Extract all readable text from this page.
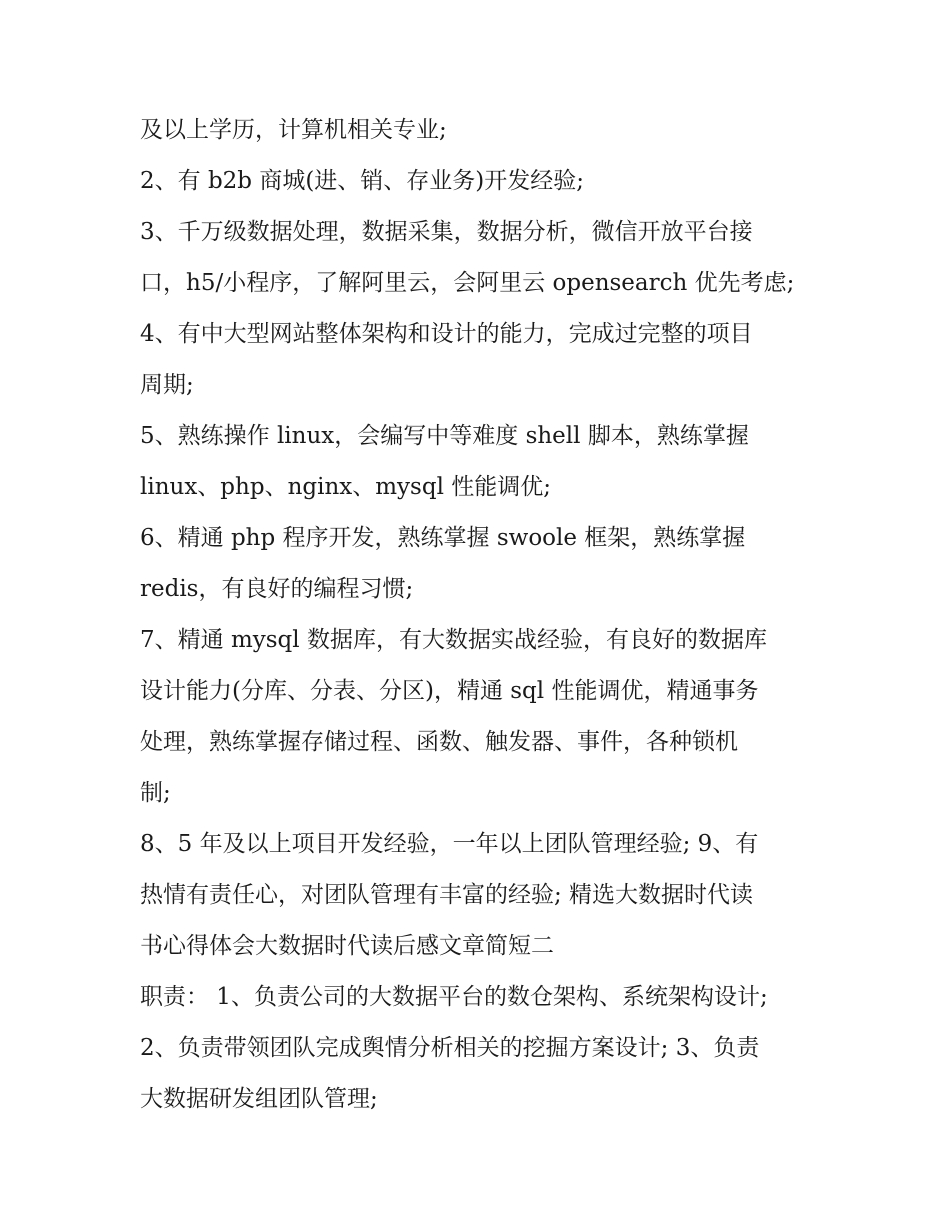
及以上学历，计算机相关专业;
2、有 b2b 商城(进、销、存业务)开发经验;
3、千万级数据处理，数据采集，数据分析，微信开放平台接
口，h5/小程序，了解阿里云，会阿里云 opensearch 优先考虑;
4、有中大型网站整体架构和设计的能力，完成过完整的项目
周期;
5、熟练操作 linux，会编写中等难度 shell 脚本，熟练掌握
linux、php、nginx、mysql 性能调优;
6、精通 php 程序开发，熟练掌握 swoole 框架，熟练掌握
redis，有良好的编程习惯;
7、精通 mysql 数据库，有大数据实战经验，有良好的数据库
设计能力(分库、分表、分区)，精通 sql 性能调优，精通事务
处理，熟练掌握存储过程、函数、触发器、事件，各种锁机
制;
8、5 年及以上项目开发经验，一年以上团队管理经验; 9、有
热情有责任心，对团队管理有丰富的经验; 精选大数据时代读
书心得体会大数据时代读后感文章简短二
职责： 1、负责公司的大数据平台的数仓架构、系统架构设计;
2、负责带领团队完成舆情分析相关的挖掘方案设计; 3、负责
大数据研发组团队管理;
